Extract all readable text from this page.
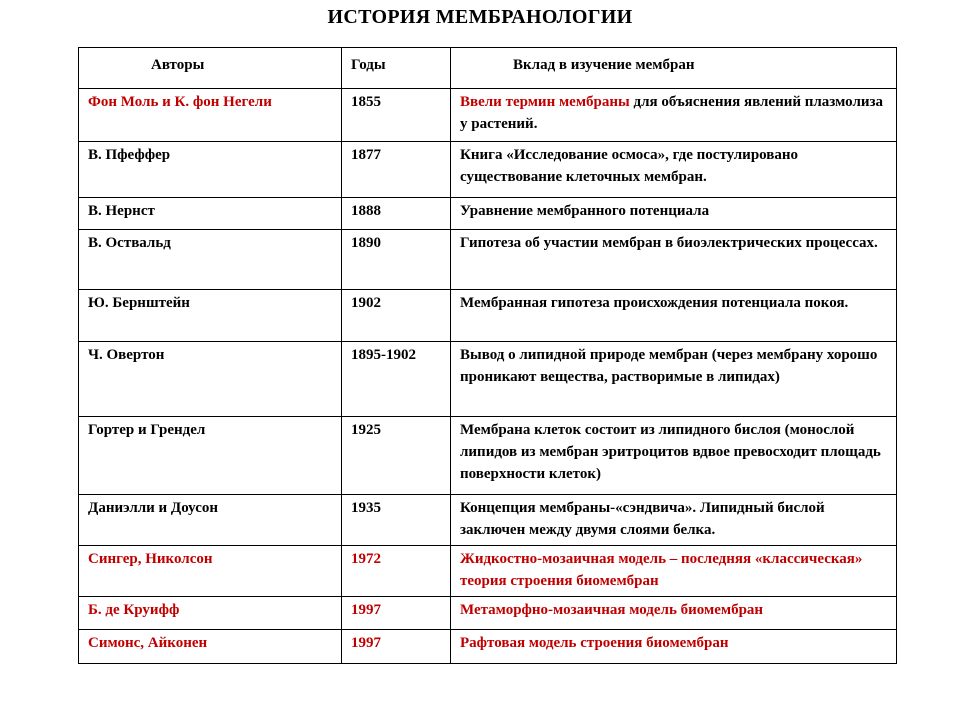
ИСТОРИЯ МЕМБРАНОЛОГИИ
Авторы	Годы	Вклад в изучение мембран
Фон Моль и К. фон Негели	1855	Ввели термин мембраны для объяснения явлений плазмолиза у растений.
В. Пфеффер	1877	Книга «Исследование осмоса», где постулировано существование клеточных мембран.
В. Нернст	1888	Уравнение мембранного потенциала
В. Оствальд	1890	Гипотеза об участии мембран в биоэлектрических процессах.
Ю. Бернштейн	1902	Мембранная гипотеза происхождения потенциала покоя.
Ч. Овертон	1895-1902	Вывод о липидной природе мембран (через мембрану хорошо проникают вещества, растворимые в липидах)
Гортер и Грендел	1925	Мембрана клеток состоит из липидного бислоя (монослой липидов из мембран эритроцитов вдвое превосходит площадь поверхности клеток)
Даниэлли и Доусон	1935	Концепция мембраны-«сэндвича». Липидный бислой заключен между двумя слоями белка.
Сингер, Николсон	1972	Жидкостно-мозаичная модель – последняя «классическая» теория строения биомембран
Б. де Круифф	1997	Метаморфно-мозаичная модель биомембран
Симонс, Айконен	1997	Рафтовая модель строения биомембран
